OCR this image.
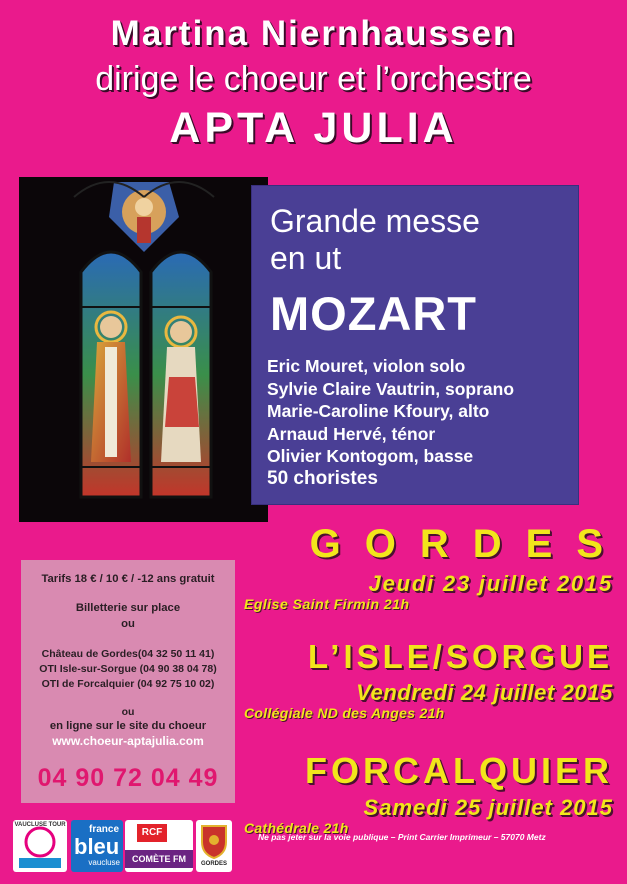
Martina Niernhaussen
dirige le choeur et l’orchestre
APTA JULIA
Grande messe
en ut
MOZART
Eric Mouret, violon solo
Sylvie Claire Vautrin, soprano
Marie-Caroline Kfoury, alto
Arnaud Hervé, ténor
Olivier Kontogom, basse
50 choristes
Tarifs 18 € / 10 € / -12 ans gratuit
Billetterie sur place
ou
Château de Gordes(04 32 50 11 41)
OTI Isle-sur-Sorgue (04 90 38 04 78)
OTI de Forcalquier (04 92 75 10 02)
ou
en ligne sur le site du choeur
www.choeur-aptajulia.com
04 90 72 04 49
GORDES
Jeudi 23 juillet 2015
Eglise Saint Firmin 21h
L’ISLE/SORGUE
Vendredi 24 juillet 2015
Collégiale ND des Anges 21h
FORCALQUIER
Samedi 25 juillet 2015
Cathédrale 21h
VAUCLUSE TOUR france
bleu
vaucluse
RCF
COMÈTE FM	GORDES
Ne pas jeter sur la voie publique – Print Carrier Imprimeur – 57070 Metz
